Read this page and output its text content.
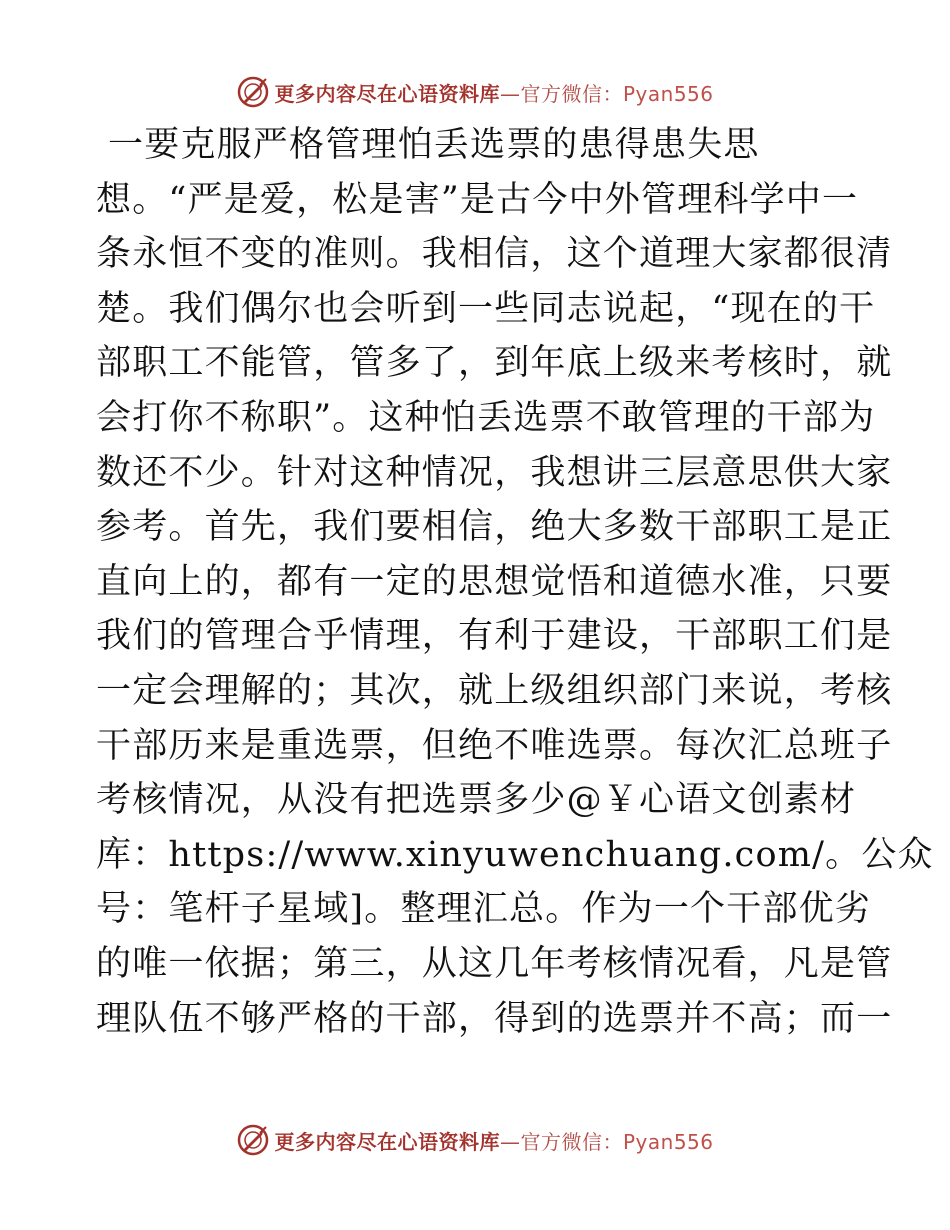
更多内容尽在心语资料库—官方微信：Pyan556
一要克服严格管理怕丢选票的患得患失思
想。“严是爱，松是害”是古今中外管理科学中一
条永恒不变的准则。我相信，这个道理大家都很清
楚。我们偶尔也会听到一些同志说起，“现在的干
部职工不能管，管多了，到年底上级来考核时，就
会打你不称职”。这种怕丢选票不敢管理的干部为
数还不少。针对这种情况，我想讲三层意思供大家
参考。首先，我们要相信，绝大多数干部职工是正
直向上的，都有一定的思想觉悟和道德水准，只要
我们的管理合乎情理，有利于建设，干部职工们是
一定会理解的；其次，就上级组织部门来说，考核
干部历来是重选票，但绝不唯选票。每次汇总班子
考核情况，从没有把选票多少@￥心语文创素材
库：https://www.xinyuwenchuang.com/。公众
号：笔杆子星域]。整理汇总。作为一个干部优劣
的唯一依据；第三，从这几年考核情况看，凡是管
理队伍不够严格的干部，得到的选票并不高；而一
更多内容尽在心语资料库—官方微信：Pyan556
